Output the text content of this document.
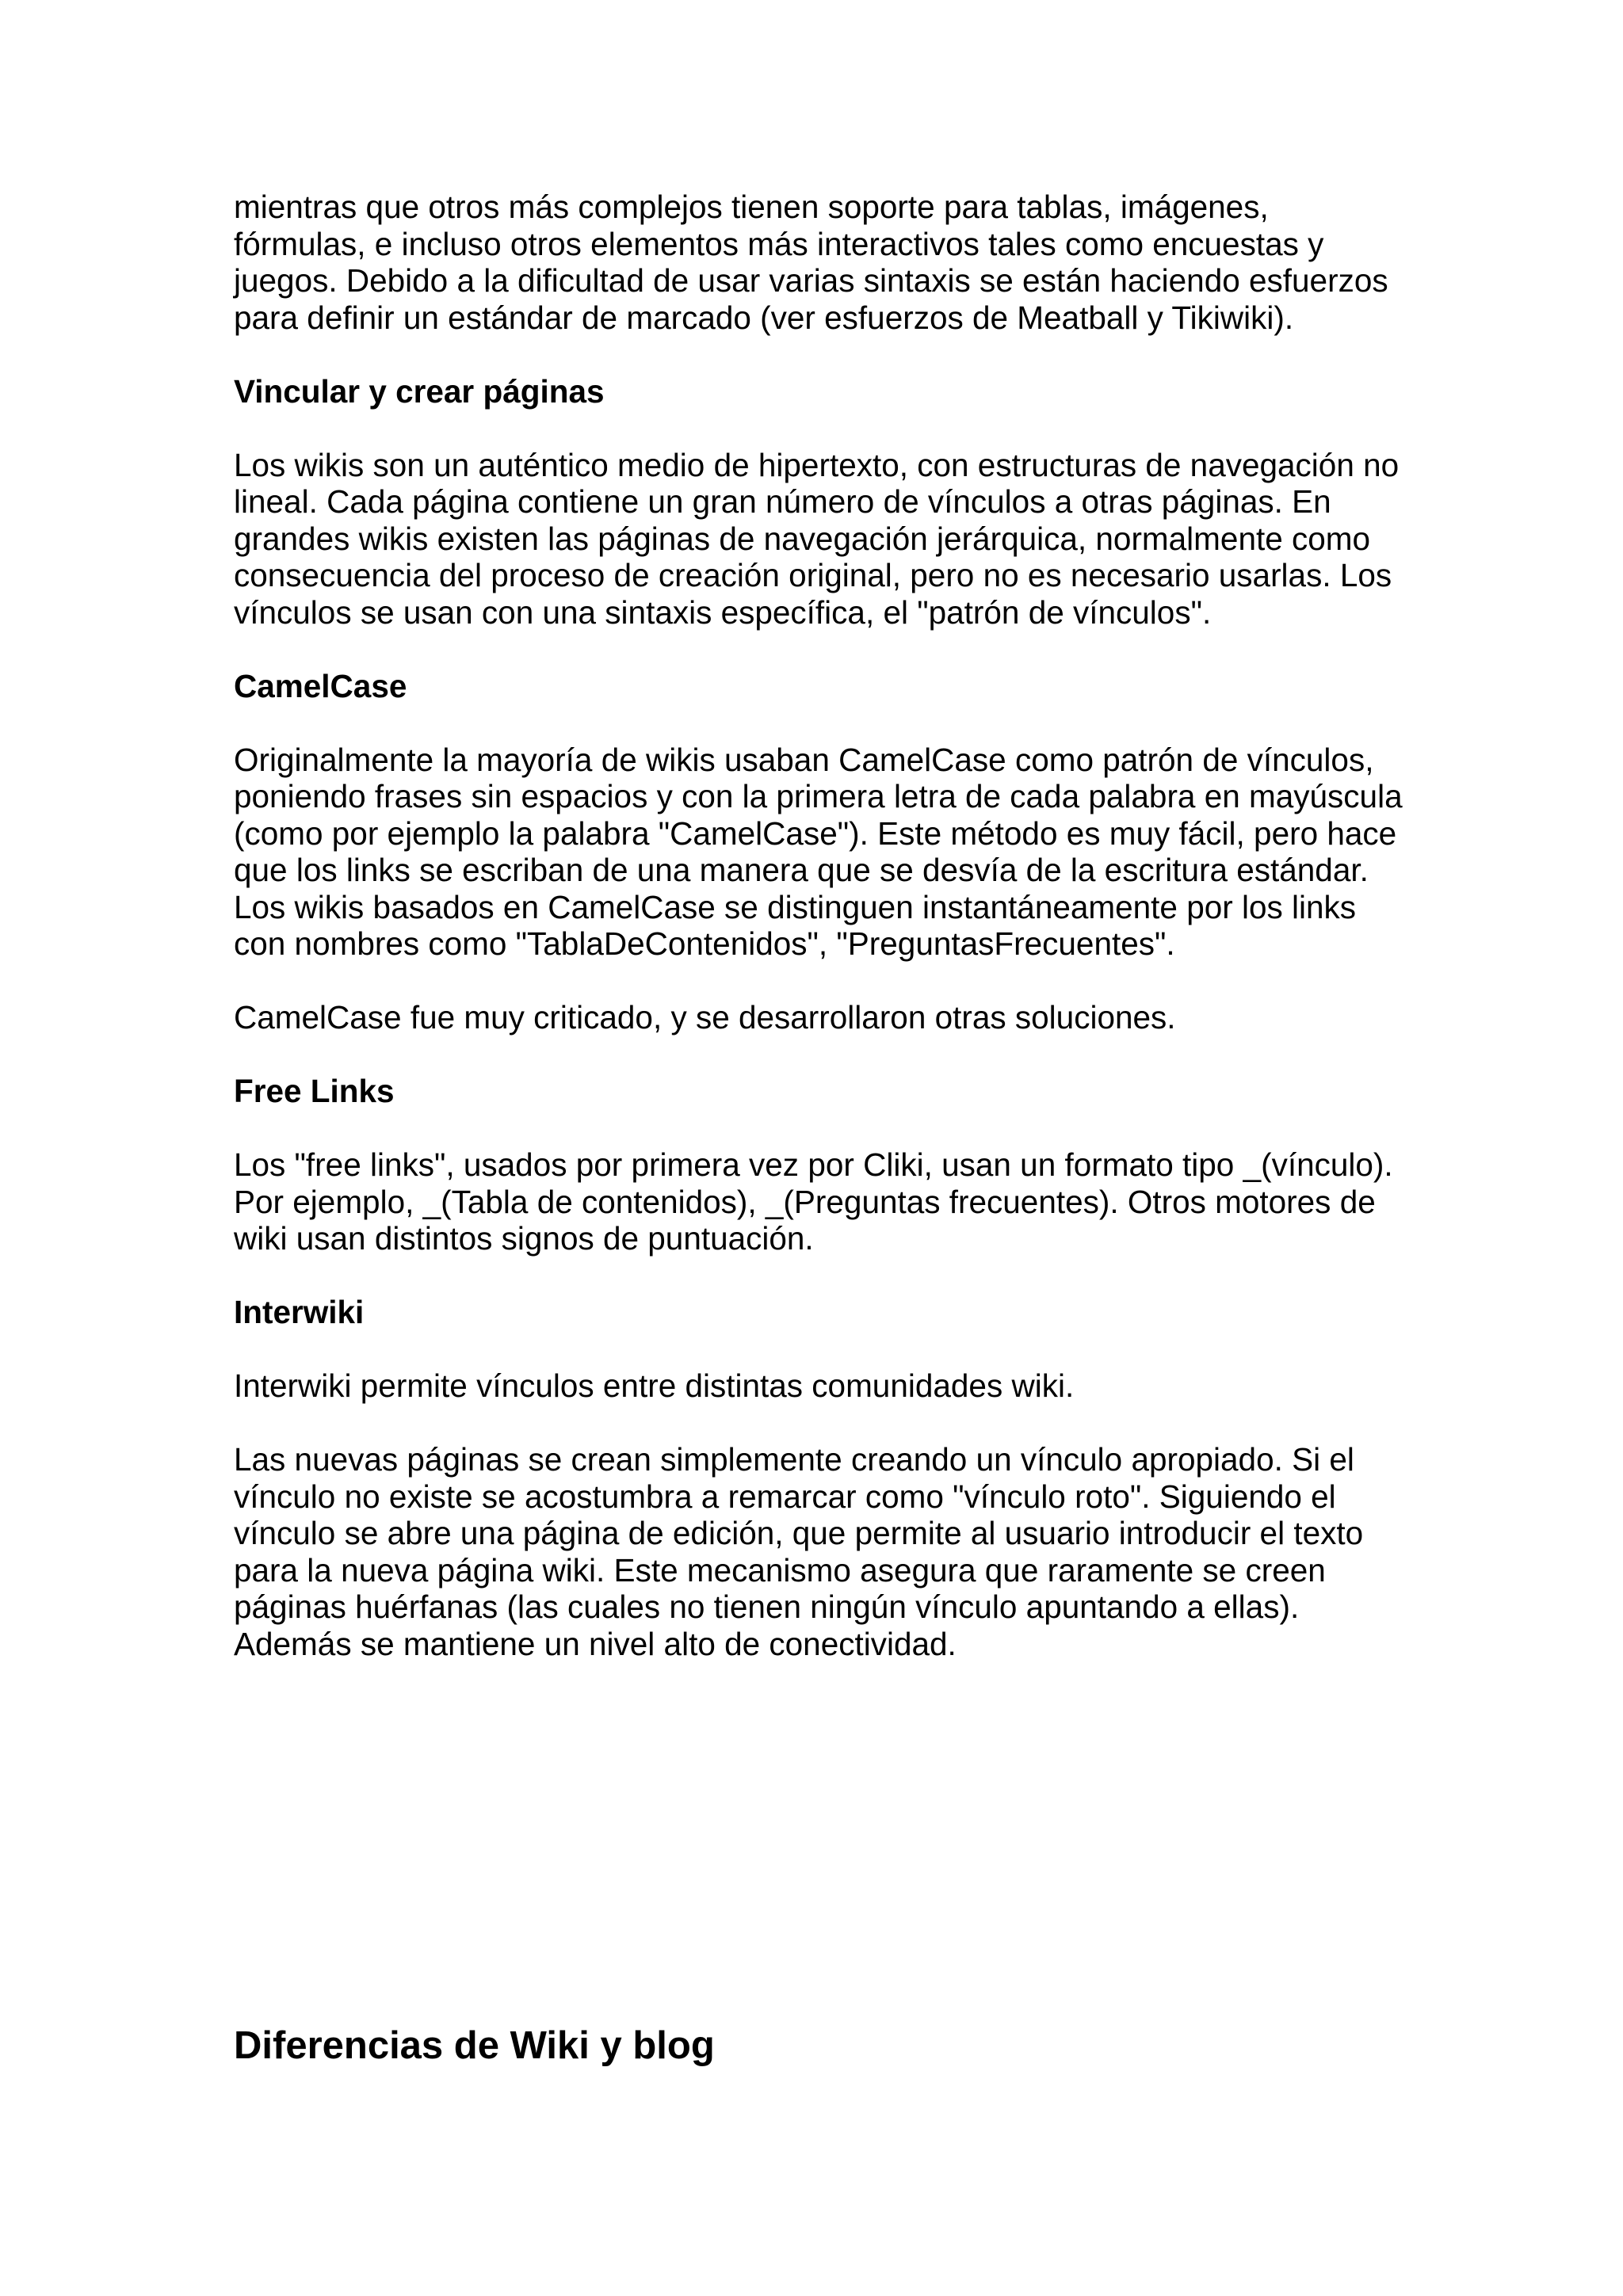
mientras que otros más complejos tienen soporte para tablas, imágenes, fórmulas, e incluso otros elementos más interactivos tales como encuestas y juegos. Debido a la dificultad de usar varias sintaxis se están haciendo esfuerzos para definir un estándar de marcado (ver esfuerzos de Meatball y Tikiwiki).

Vincular y crear páginas

Los wikis son un auténtico medio de hipertexto, con estructuras de navegación no lineal. Cada página contiene un gran número de vínculos a otras páginas. En grandes wikis existen las páginas de navegación jerárquica, normalmente como consecuencia del proceso de creación original, pero no es necesario usarlas. Los vínculos se usan con una sintaxis específica, el "patrón de vínculos".

CamelCase

Originalmente la mayoría de wikis usaban CamelCase como patrón de vínculos, poniendo frases sin espacios y con la primera letra de cada palabra en mayúscula (como por ejemplo la palabra "CamelCase"). Este método es muy fácil, pero hace que los links se escriban de una manera que se desvía de la escritura estándar. Los wikis basados en CamelCase se distinguen instantáneamente por los links con nombres como "TablaDeContenidos", "PreguntasFrecuentes".

CamelCase fue muy criticado, y se desarrollaron otras soluciones.

Free Links

Los "free links", usados por primera vez por Cliki, usan un formato tipo _(vínculo). Por ejemplo, _(Tabla de contenidos), _(Preguntas frecuentes). Otros motores de wiki usan distintos signos de puntuación.

Interwiki

Interwiki permite vínculos entre distintas comunidades wiki.

Las nuevas páginas se crean simplemente creando un vínculo apropiado. Si el vínculo no existe se acostumbra a remarcar como "vínculo roto". Siguiendo el vínculo se abre una página de edición, que permite al usuario introducir el texto para la nueva página wiki. Este mecanismo asegura que raramente se creen páginas huérfanas (las cuales no tienen ningún vínculo apuntando a ellas). Además se mantiene un nivel alto de conectividad.

Diferencias de Wiki y blog
